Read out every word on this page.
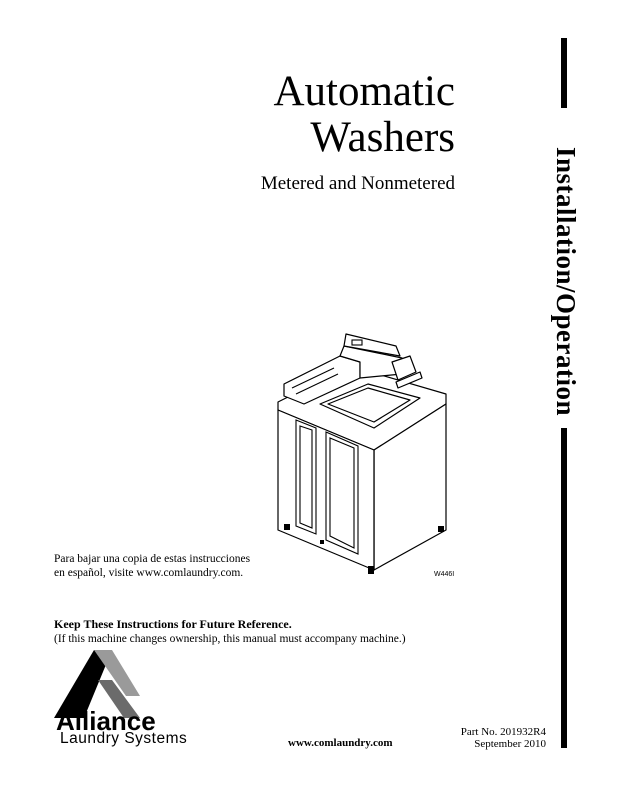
Automatic
Washers
Metered and Nonmetered	Installation/Operation
Para bajar una copia de estas instrucciones
en español, visite www.comlaundry.com.	W446I
Keep These Instructions for Future Reference.
(If this machine changes ownership, this manual must accompany machine.)
Alliance
Laundry Systems	www.comlaundry.com
Part No. 201932R4
September 2010
